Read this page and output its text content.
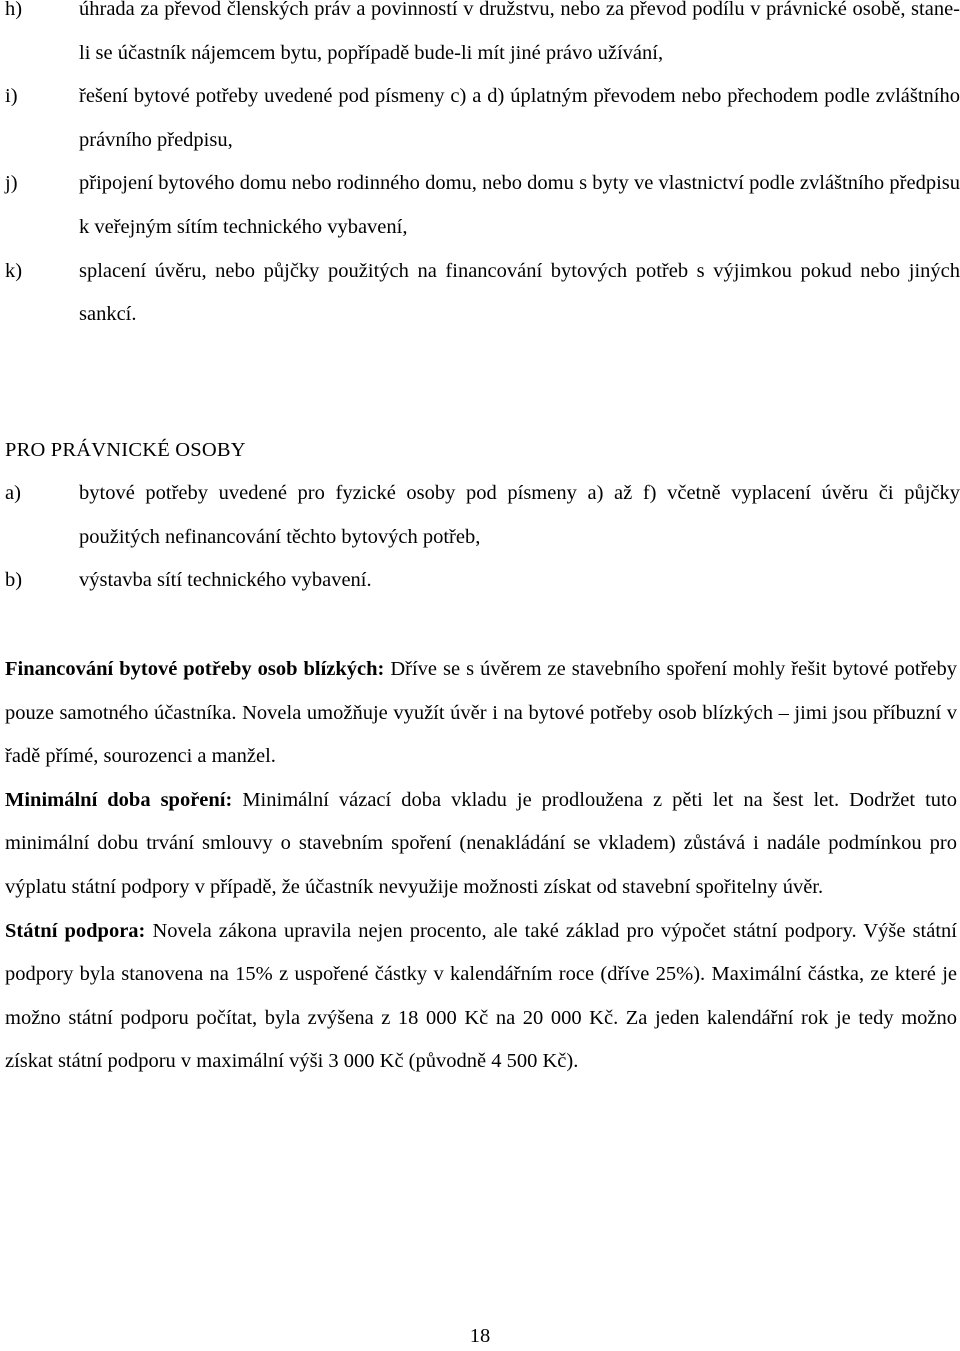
h)	úhrada za převod členských práv a povinností v družstvu, nebo za převod podílu v právnické osobě, stane-li se účastník nájemcem bytu, popřípadě bude-li mít jiné právo užívání,
i)	řešení bytové potřeby uvedené pod písmeny c) a d) úplatným převodem nebo přechodem podle zvláštního právního předpisu,
j)	připojení bytového domu nebo rodinného domu, nebo domu s byty ve vlastnictví podle zvláštního předpisu k veřejným sítím technického vybavení,
k)	splacení úvěru, nebo půjčky použitých na financování bytových potřeb s výjimkou pokud nebo jiných sankcí.
PRO PRÁVNICKÉ OSOBY
a)	bytové potřeby uvedené pro fyzické osoby pod písmeny a) až f) včetně vyplacení úvěru či půjčky použitých nefinancování těchto bytových potřeb,
b)	výstavba sítí technického vybavení.

Financování bytové potřeby osob blízkých: Dříve se s úvěrem ze stavebního spoření mohly řešit bytové potřeby pouze samotného účastníka. Novela umožňuje využít úvěr i na bytové potřeby osob blízkých – jimi jsou příbuzní v řadě přímé, sourozenci a manžel.

Minimální doba spoření: Minimální vázací doba vkladu je prodloužena z pěti let na šest let. Dodržet tuto minimální dobu trvání smlouvy o stavebním spoření (nenakládání se vkladem) zůstává i nadále podmínkou pro výplatu státní podpory v případě, že účastník nevyužije možnosti získat od stavební spořitelny úvěr.

Státní podpora: Novela zákona upravila nejen procento, ale také základ pro výpočet státní podpory. Výše státní podpory byla stanovena na 15% z uspořené částky v kalendářním roce (dříve 25%). Maximální částka, ze které je možno státní podporu počítat, byla zvýšena z 18 000 Kč na 20 000 Kč. Za jeden kalendářní rok je tedy možno získat státní podporu v maximální výši 3 000 Kč (původně 4 500 Kč).

18
